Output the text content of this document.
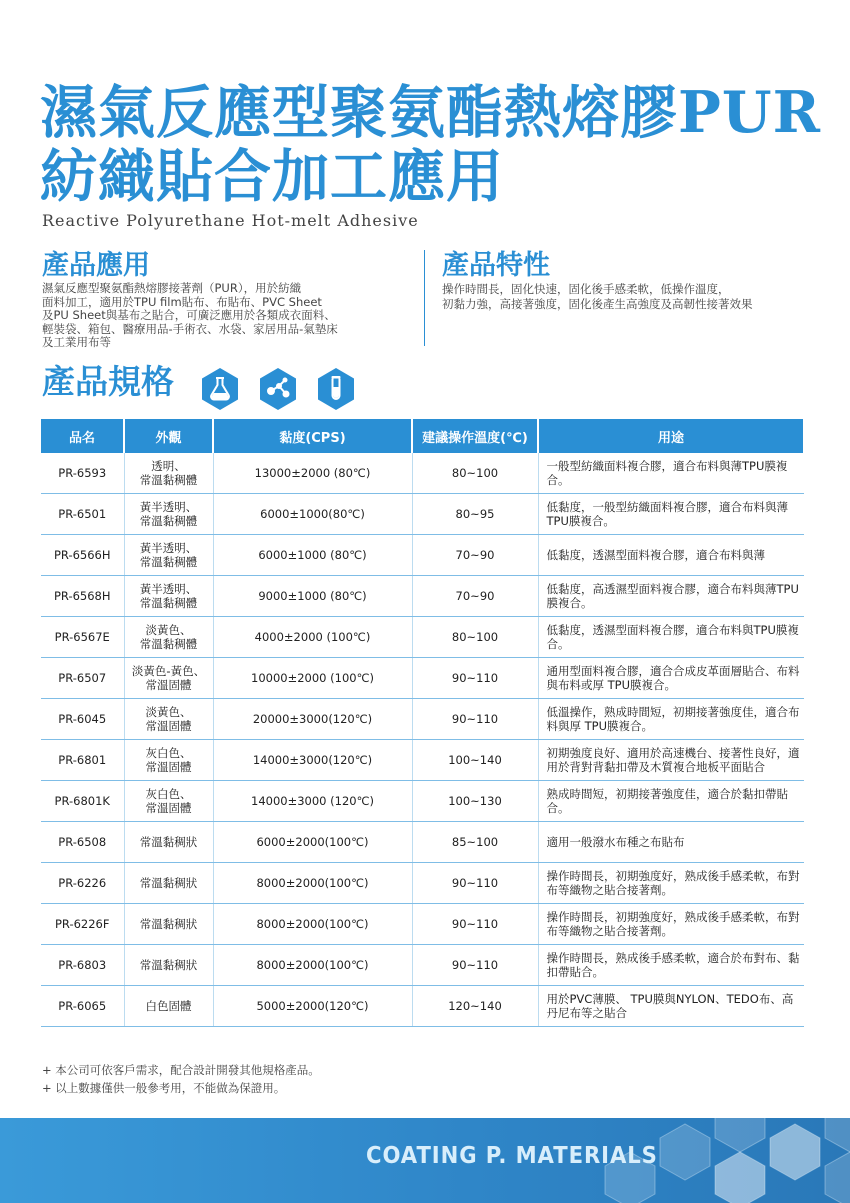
濕氣反應型聚氨酯熱熔膠PUR
紡織貼合加工應用
Reactive Polyurethane Hot-melt Adhesive
產品應用
濕氣反應型聚氨酯熱熔膠接著劑（PUR），用於紡織
面料加工，適用於TPU film貼布、布貼布、PVC Sheet
及PU Sheet與基布之貼合，可廣泛應用於各類成衣面料、
輕裝袋、箱包、醫療用品-手術衣、水袋、家居用品-氣墊床
及工業用布等
產品特性
操作時間長，固化快速，固化後手感柔軟，低操作溫度，
初黏力強，高接著強度，固化後產生高強度及高韌性接著效果
產品規格
品名	外觀	黏度(CPS)	建議操作溫度(℃)	用途
PR-6593	透明、
常溫黏稠體	13000±2000 (80℃)	80~100	一般型紡織面料複合膠，適合布料與薄TPU膜複合。
PR-6501	黃半透明、
常溫黏稠體	6000±1000(80℃)	80~95	低黏度，一般型紡織面料複合膠，適合布料與薄TPU膜複合。
PR-6566H	黃半透明、
常溫黏稠體	6000±1000 (80℃)	70~90	低黏度，透濕型面料複合膠，適合布料與薄
PR-6568H	黃半透明、
常溫黏稠體	9000±1000 (80℃)	70~90	低黏度，高透濕型面料複合膠，適合布料與薄TPU膜複合。
PR-6567E	淡黃色、
常溫黏稠體	4000±2000 (100℃)	80~100	低黏度，透濕型面料複合膠，適合布料與TPU膜複合。
PR-6507	淡黃色-黃色、
常溫固體	10000±2000 (100℃)	90~110	通用型面料複合膠，適合合成皮革面層貼合、布料與布料或厚 TPU膜複合。
PR-6045	淡黃色、
常溫固體	20000±3000(120℃)	90~110	低溫操作，熟成時間短，初期接著強度佳，適合布料與厚 TPU膜複合。
PR-6801	灰白色、
常溫固體	14000±3000(120℃)	100~140	初期強度良好、適用於高速機台、接著性良好，適用於背對背黏扣帶及木質複合地板平面貼合
PR-6801K	灰白色、
常溫固體	14000±3000 (120℃)	100~130	熟成時間短，初期接著強度佳，適合於黏扣帶貼合。
PR-6508	常溫黏稠狀	6000±2000(100℃)	85~100	適用一般潑水布種之布貼布
PR-6226	常溫黏稠狀	8000±2000(100℃)	90~110	操作時間長，初期強度好，熟成後手感柔軟，布對布等織物之貼合接著劑。
PR-6226F	常溫黏稠狀	8000±2000(100℃)	90~110	操作時間長，初期強度好，熟成後手感柔軟，布對布等織物之貼合接著劑。
PR-6803	常溫黏稠狀	8000±2000(100℃)	90~110	操作時間長，熟成後手感柔軟，適合於布對布、黏扣帶貼合。
PR-6065	白色固體	5000±2000(120℃)	120~140	用於PVC薄膜、 TPU膜與NYLON、TEDO布、高丹尼布等之貼合
+ 本公司可依客戶需求，配合設計開發其他規格產品。
+ 以上數據僅供一般參考用，不能做為保證用。
COATING P. MATERIALS
